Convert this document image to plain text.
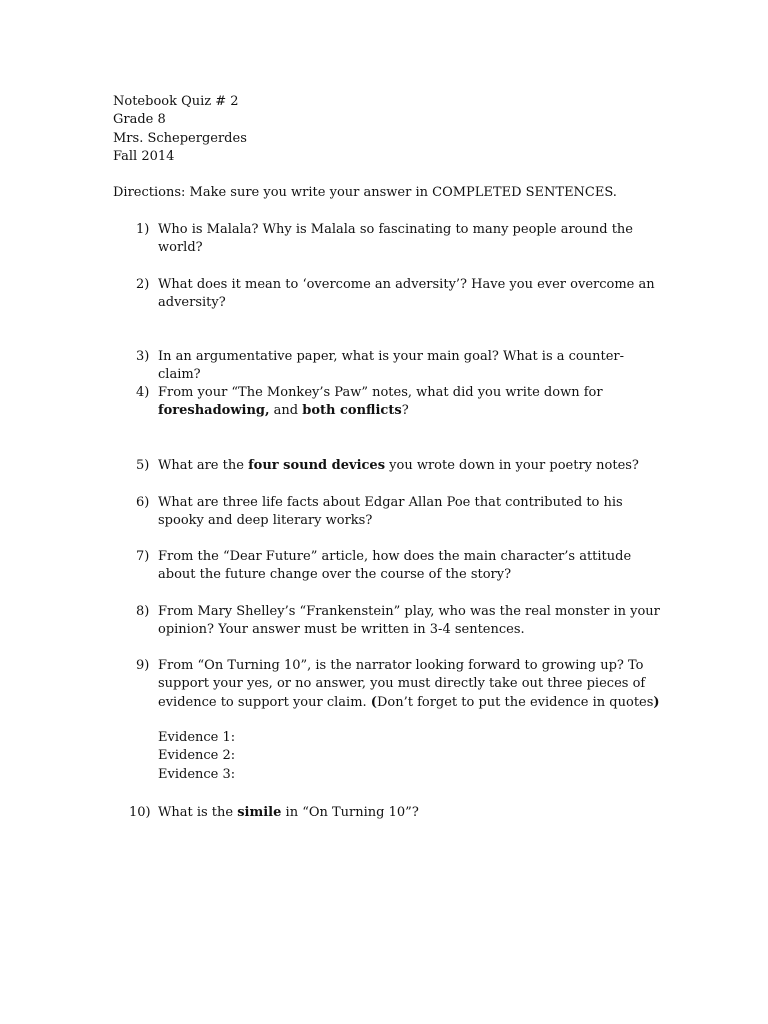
Notebook Quiz # 2
Grade 8
Mrs. Schepergerdes
Fall 2014
Directions: Make sure you write your answer in COMPLETED SENTENCES.
1) Who is Malala? Why is Malala so fascinating to many people around the world?
2) What does it mean to ‘overcome an adversity’? Have you ever overcome an adversity?
3) In an argumentative paper, what is your main goal? What is a counter-claim?
4) From your “The Monkey’s Paw” notes, what did you write down for foreshadowing, and both conflicts?
5) What are the four sound devices you wrote down in your poetry notes?
6) What are three life facts about Edgar Allan Poe that contributed to his spooky and deep literary works?
7) From the “Dear Future” article, how does the main character’s attitude about the future change over the course of the story?
8) From Mary Shelley’s “Frankenstein” play, who was the real monster in your opinion? Your answer must be written in 3-4 sentences.
9) From “On Turning 10”, is the narrator looking forward to growing up? To support your yes, or no answer, you must directly take out three pieces of evidence to support your claim. (Don’t forget to put the evidence in quotes)
Evidence 1:
Evidence 2:
Evidence 3:
10) What is the simile in “On Turning 10”?
